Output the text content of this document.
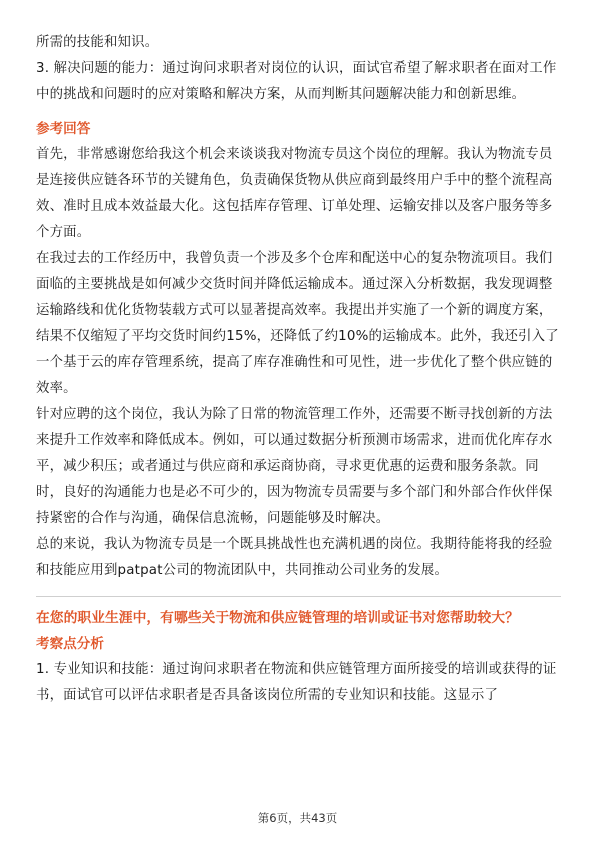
所需的技能和知识。

3. 解决问题的能力：通过询问求职者对岗位的认识，面试官希望了解求职者在面对工作中的挑战和问题时的应对策略和解决方案，从而判断其问题解决能力和创新思维。

参考回答

首先，非常感谢您给我这个机会来谈谈我对物流专员这个岗位的理解。我认为物流专员是连接供应链各环节的关键角色，负责确保货物从供应商到最终用户手中的整个流程高效、准时且成本效益最大化。这包括库存管理、订单处理、运输安排以及客户服务等多个方面。

在我过去的工作经历中，我曾负责一个涉及多个仓库和配送中心的复杂物流项目。我们面临的主要挑战是如何减少交货时间并降低运输成本。通过深入分析数据，我发现调整运输路线和优化货物装载方式可以显著提高效率。我提出并实施了一个新的调度方案，结果不仅缩短了平均交货时间约15%，还降低了约10%的运输成本。此外，我还引入了一个基于云的库存管理系统，提高了库存准确性和可见性，进一步优化了整个供应链的效率。

针对应聘的这个岗位，我认为除了日常的物流管理工作外，还需要不断寻找创新的方法来提升工作效率和降低成本。例如，可以通过数据分析预测市场需求，进而优化库存水平，减少积压；或者通过与供应商和承运商协商，寻求更优惠的运费和服务条款。同时，良好的沟通能力也是必不可少的，因为物流专员需要与多个部门和外部合作伙伴保持紧密的合作与沟通，确保信息流畅，问题能够及时解决。

总的来说，我认为物流专员是一个既具挑战性也充满机遇的岗位。我期待能将我的经验和技能应用到patpat公司的物流团队中，共同推动公司业务的发展。

在您的职业生涯中，有哪些关于物流和供应链管理的培训或证书对您帮助较大？
考察点分析

1. 专业知识和技能：通过询问求职者在物流和供应链管理方面所接受的培训或获得的证书，面试官可以评估求职者是否具备该岗位所需的专业知识和技能。这显示了

第6页，共43页
